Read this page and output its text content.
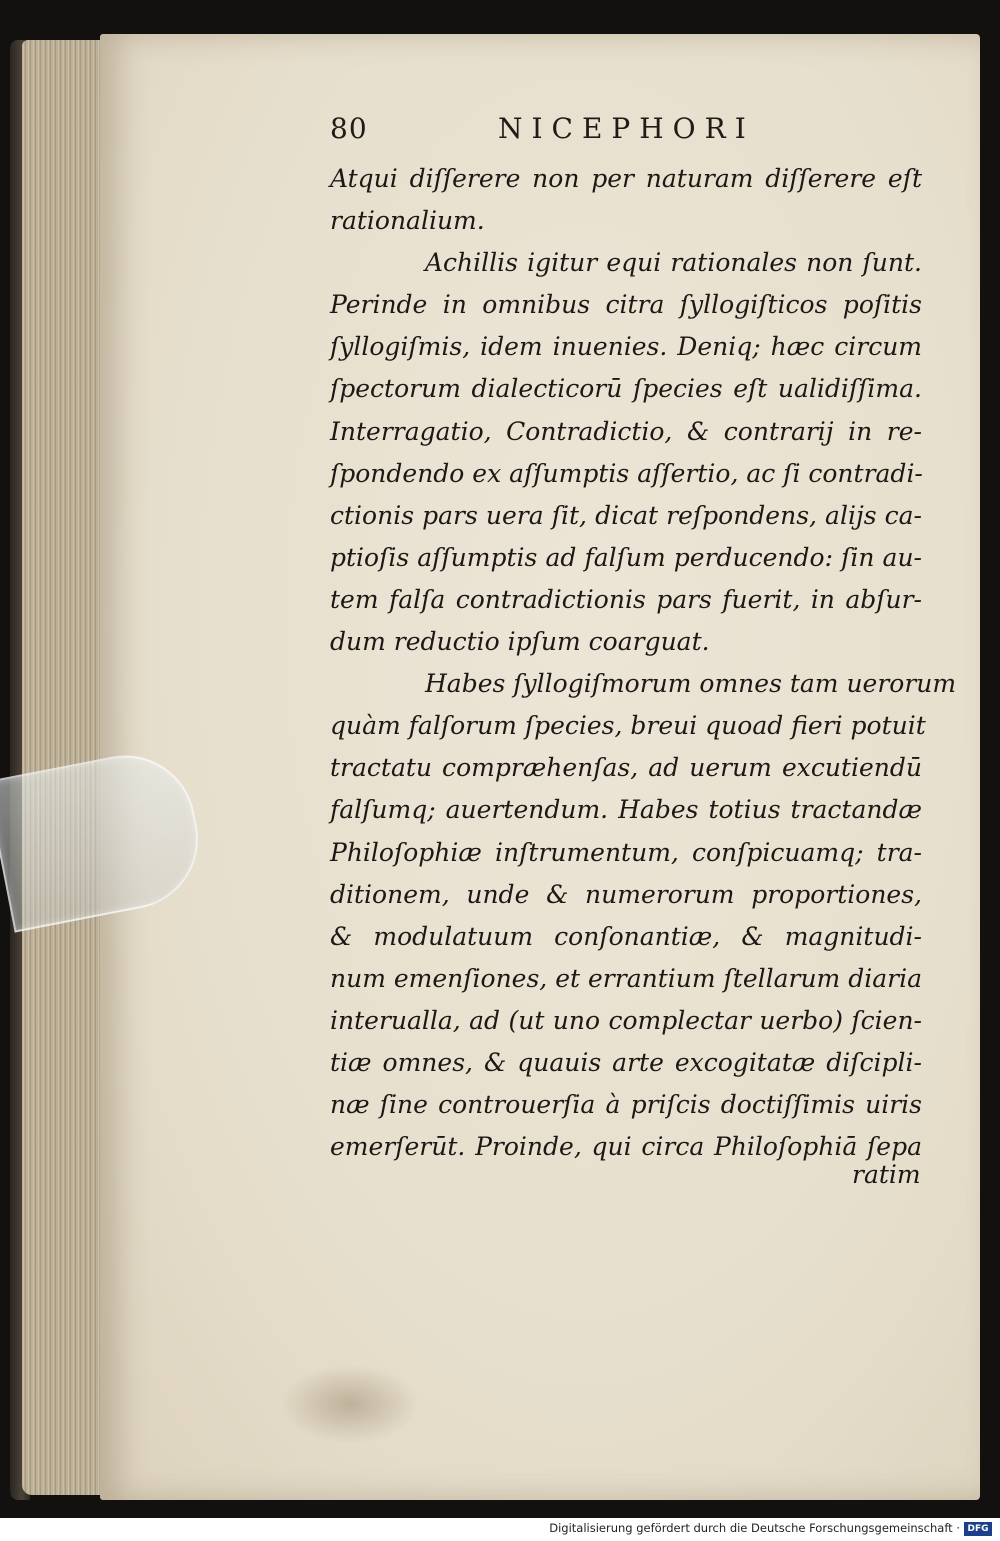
80	NICEPHORI
Atqui diſſerere non per naturam diſſerere eſt
rationalium.
Achillis igitur equi rationales non ſunt.
Perinde in omnibus citra ſyllogiſticos poſitis
ſyllogiſmis, idem inuenies. Deniq; hæc circum
ſpectorum dialecticorū ſpecies eſt ualidiſſima.
Interragatio, Contradictio, & contrarij in re-
ſpondendo ex aſſumptis aſſertio, ac ſi contradi-
ctionis pars uera ſit, dicat reſpondens, alijs ca-
ptioſis aſſumptis ad falſum perducendo: ſin au-
tem falſa contradictionis pars fuerit, in abſur-
dum reductio ipſum coarguat.
Habes ſyllogiſmorum omnes tam uerorum
quàm falſorum ſpecies, breui quoad fieri potuit
tractatu compræhenſas, ad uerum excutiendū
falſumq; auertendum. Habes totius tractandæ
Philoſophiæ inſtrumentum, conſpicuamq; tra-
ditionem, unde & numerorum proportiones,
& modulatuum conſonantiæ, & magnitudi-
num emenſiones, et errantium ſtellarum diaria
interualla, ad (ut uno complectar uerbo) ſcien-
tiæ omnes, & quauis arte excogitatæ diſcipli-
næ ſine controuerſia à priſcis doctiſſimis uiris
emerſerūt. Proinde, qui circa Philoſophiā ſepa
ratim
Digitalisierung gefördert durch die Deutsche Forschungsgemeinschaft · DFG
